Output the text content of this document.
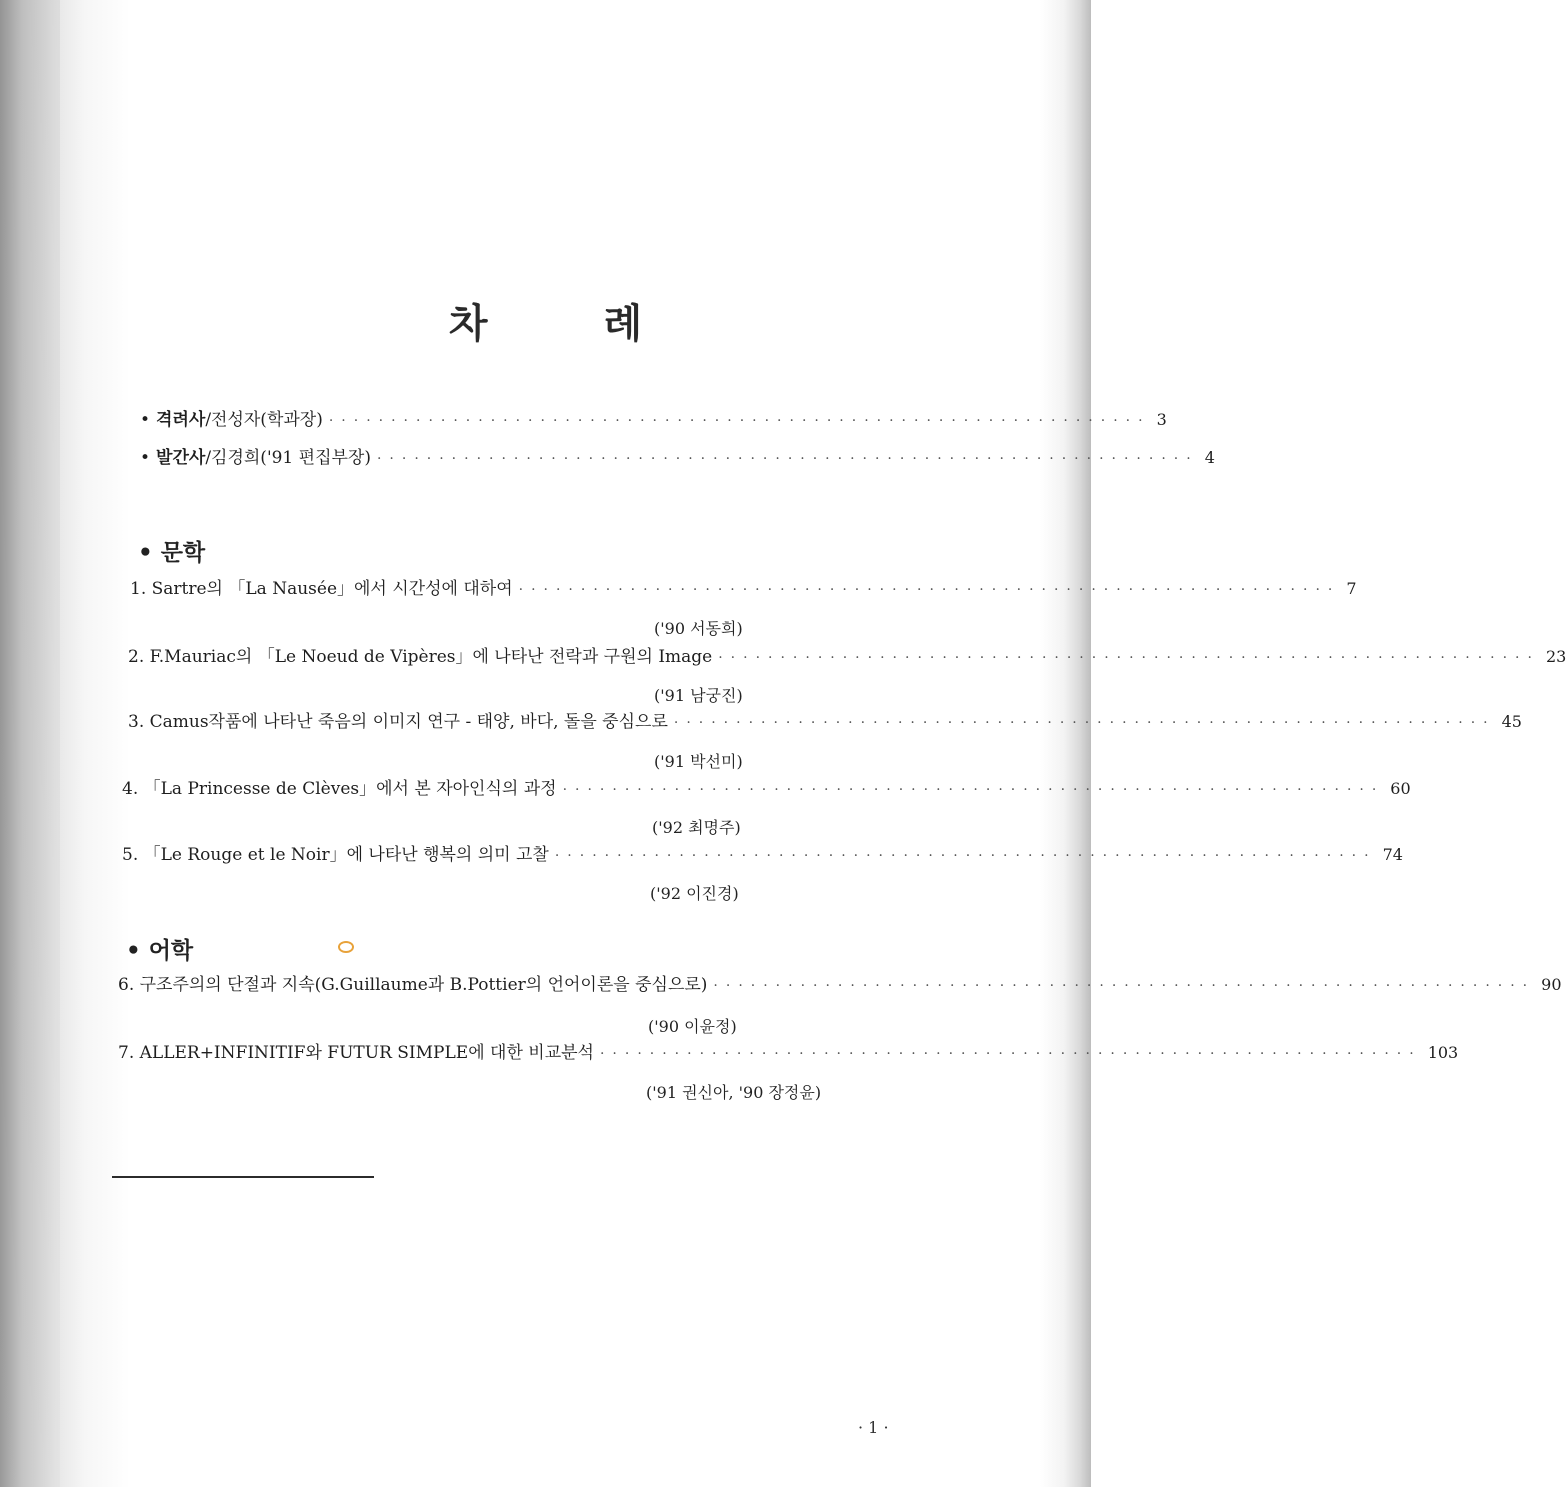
차	례
• 격려사/전성자(학과장) ·································································· 3
• 발간사/김경희('91 편집부장) ·································································· 4
• 문학
1. Sartre의 「La Nausée」에서 시간성에 대하여 ·································································· 7
('90 서동희)
2. F.Mauriac의 「Le Noeud de Vipères」에 나타난 전락과 구원의 Image ·································································· 23
('91 남궁진)
3. Camus작품에 나타난 죽음의 이미지 연구 - 태양, 바다, 돌을 중심으로 ·································································· 45
('91 박선미)
4. 「La Princesse de Clèves」에서 본 자아인식의 과정 ·································································· 60
('92 최명주)
5. 「Le Rouge et le Noir」에 나타난 행복의 의미 고찰 ·································································· 74
('92 이진경)
• 어학
6. 구조주의의 단절과 지속(G.Guillaume과 B.Pottier의 언어이론을 중심으로) ·································································· 90
('90 이윤정)
7. ALLER+INFINITIF와 FUTUR SIMPLE에 대한 비교분석 ·································································· 103
('91 권신아, '90 장정윤)
· 1 ·
